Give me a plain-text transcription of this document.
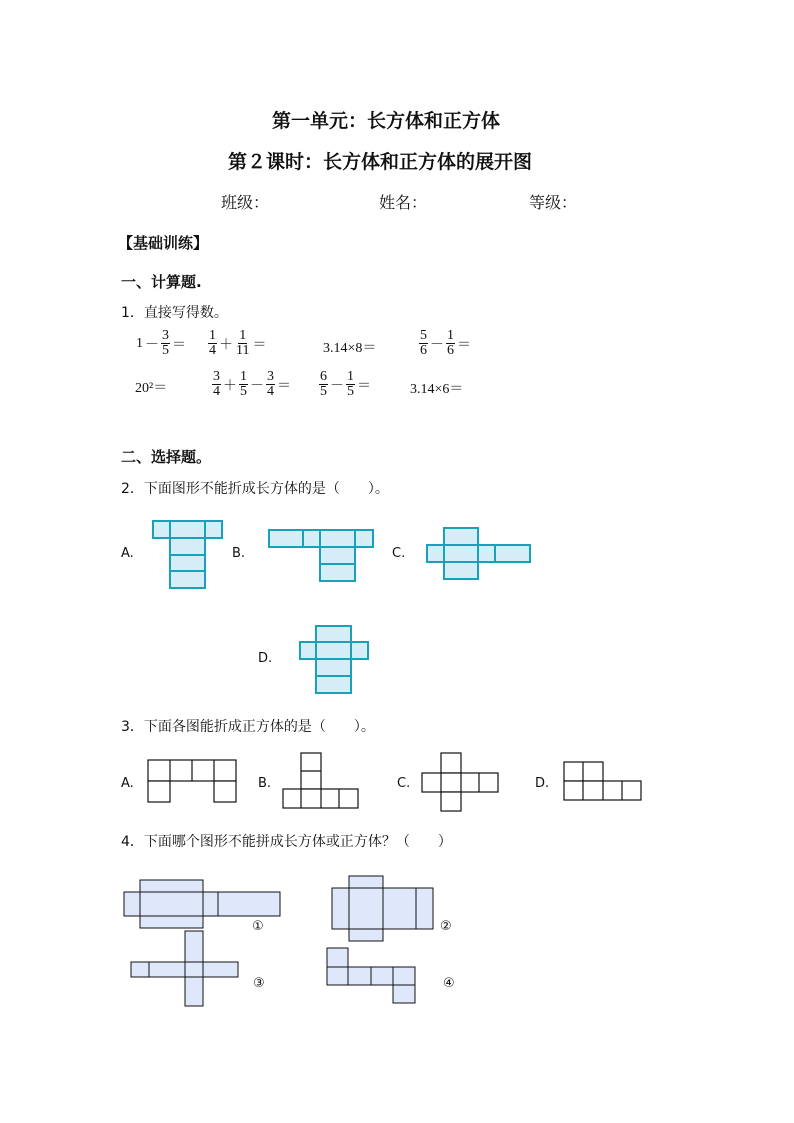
第一单元：长方体和正方体
第２课时：长方体和正方体的展开图
班级：	姓名：	等级：
【基础训练】
一、计算题.
1．直接写得数。
$1 - \frac{3}{5} = \frac{1}{4} + \frac{1}{11}$ ＝	3.14×8＝	$\frac{5}{6} - \frac{1}{6}$ ＝
20²＝	$\frac{3}{4} + \frac{1}{5} - \frac{3}{4} = \frac{6}{5} - \frac{1}{5}$ ＝	3.14×6＝
二、选择题。
2．下面图形不能折成长方体的是（　　）。
A.	B.	C.
D.
3．下面各图能折成正方体的是（　　）。
A.	B.	C.	D.
4．下面哪个图形不能拼成长方体或正方体？（　　）
①	②
③	④
